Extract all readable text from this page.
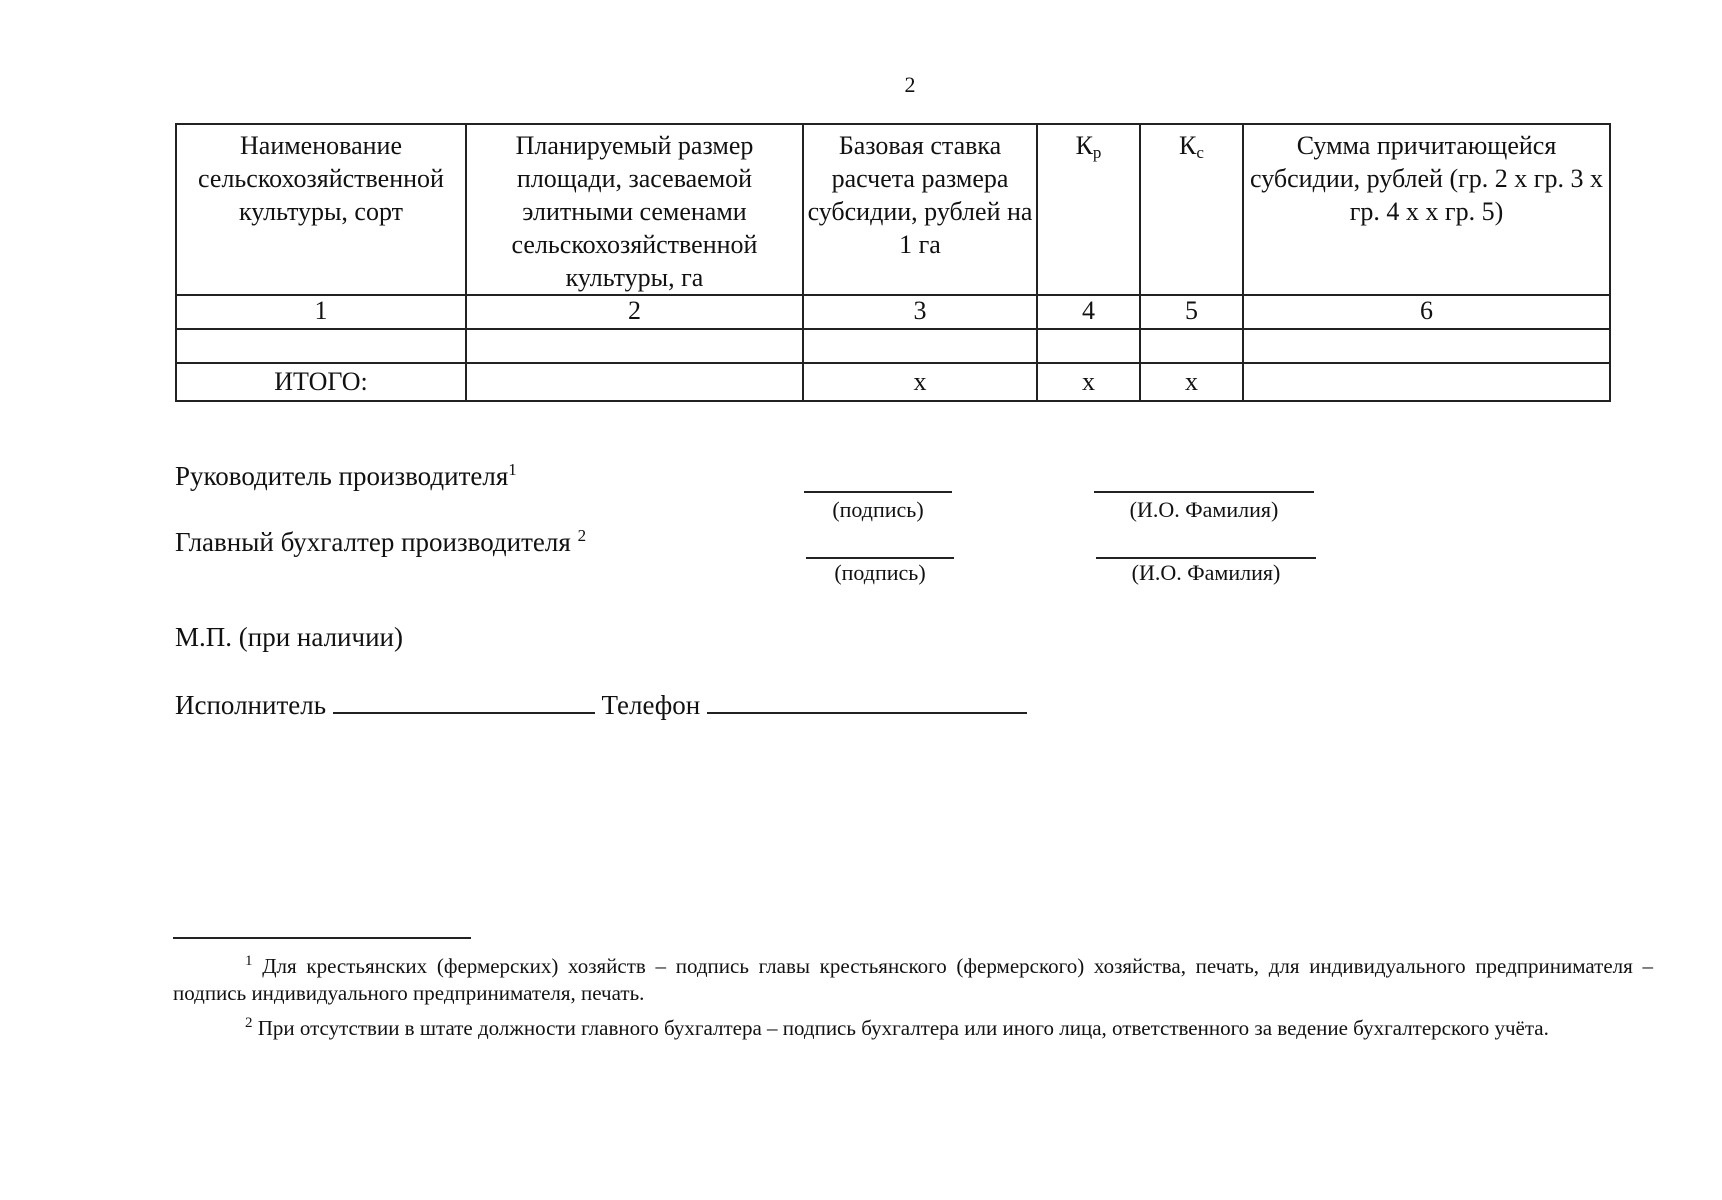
2
Наименование сельскохозяйственной культуры, сорт	Планируемый размер площади, засеваемой элитными семенами сельскохозяйственной культуры, га	Базовая ставка расчета размера субсидии, рублей на 1 га	$К_р$	$К_с$	Сумма причитающейся субсидии, рублей (гр. 2 х гр. 3 х гр. 4 х х гр. 5)
1	2	3	4	5	6

ИТОГО:		х	х	х	
Руководитель производителя$^1$
(подпись)	(И.О. Фамилия)
Главный бухгалтер производителя $^2$
(подпись)	(И.О. Фамилия)
М.П. (при наличии)
Исполнитель	Телефон

$^1$ Для крестьянских (фермерских) хозяйств – подпись главы крестьянского (фермерского) хозяйства, печать, для индивидуального предпринимателя – подпись индивидуального предпринимателя, печать.

$^2$ При отсутствии в штате должности главного бухгалтера – подпись бухгалтера или иного лица, ответственного за ведение бухгалтерского учёта.
